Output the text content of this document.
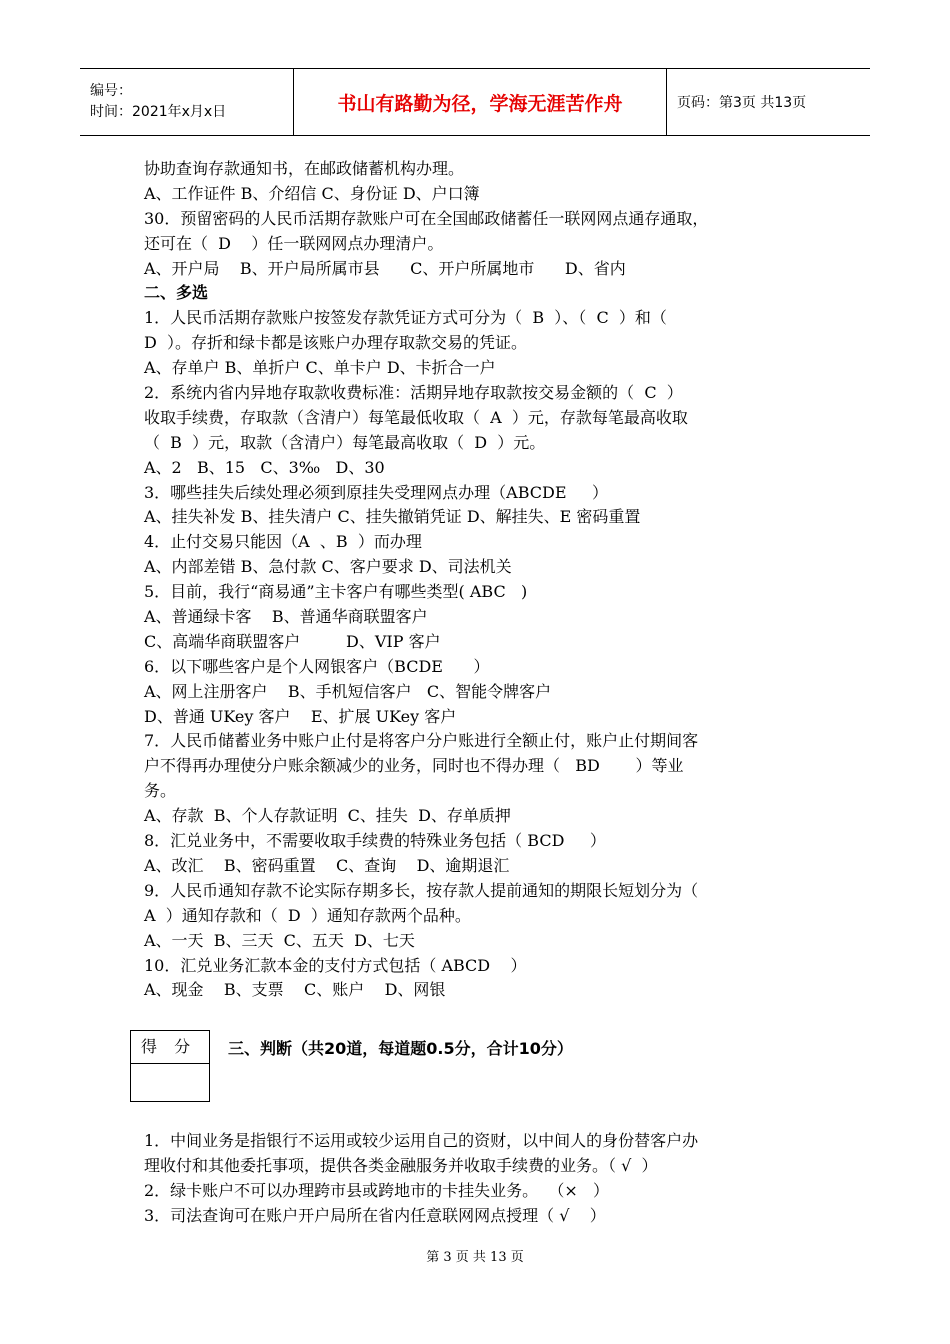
编号：
时间：2021年x月x日	书山有路勤为径，学海无涯苦作舟	页码：第3页 共13页
协助查询存款通知书，在邮政储蓄机构办理。
A、工作证件 B、介绍信 C、身份证 D、户口簿
30．预留密码的人民币活期存款账户可在全国邮政储蓄任一联网网点通存通取，
还可在（  D    ）任一联网网点办理清户。
A、开户局    B、开户局所属市县      C、开户所属地市      D、省内
二、多选
1．人民币活期存款账户按签发存款凭证方式可分为（  B  ）、（  C  ）和（
D  ）。存折和绿卡都是该账户办理存取款交易的凭证。
A、存单户 B、单折户 C、单卡户 D、卡折合一户
2．系统内省内异地存取款收费标准：活期异地存取款按交易金额的（  C  ）
收取手续费，存取款（含清户）每笔最低收取（  A  ）元，存款每笔最高收取
（  B  ）元，取款（含清户）每笔最高收取（  D  ）元。
A、2   B、15   C、3‰   D、30
3．哪些挂失后续处理必须到原挂失受理网点办理（ABCDE     ）
A、挂失补发 B、挂失清户 C、挂失撤销凭证 D、解挂失、E 密码重置
4．止付交易只能因（A  、B  ）而办理
A、内部差错 B、急付款 C、客户要求 D、司法机关
5．目前，我行“商易通”主卡客户有哪些类型( ABC   )
A、普通绿卡客    B、普通华商联盟客户
C、高端华商联盟客户         D、VIP 客户
6．以下哪些客户是个人网银客户（BCDE      ）
A、网上注册客户    B、手机短信客户   C、智能令牌客户
D、普通 UKey 客户    E、扩展 UKey 客户
7．人民币储蓄业务中账户止付是将客户分户账进行全额止付，账户止付期间客
户不得再办理使分户账余额减少的业务，同时也不得办理（   BD       ）等业
务。
A、存款  B、个人存款证明  C、挂失  D、存单质押
8．汇兑业务中，不需要收取手续费的特殊业务包括（ BCD     ）
A、改汇    B、密码重置    C、查询    D、逾期退汇
9．人民币通知存款不论实际存期多长，按存款人提前通知的期限长短划分为（
A  ）通知存款和（  D  ）通知存款两个品种。
A、一天  B、三天  C、五天  D、七天
10．汇兑业务汇款本金的支付方式包括（ ABCD    ）
A、现金    B、支票    C、账户    D、网银
得 分	三、判断（共20道，每道题0.5分，合计10分）
1．中间业务是指银行不运用或较少运用自己的资财，以中间人的身份替客户办
理收付和其他委托事项，提供各类金融服务并收取手续费的业务。（ √  ）
2．绿卡账户不可以办理跨市县或跨地市的卡挂失业务。  （×   ）
3．司法查询可在账户开户局所在省内任意联网网点授理（ √    ）
第 3 页 共 13 页
